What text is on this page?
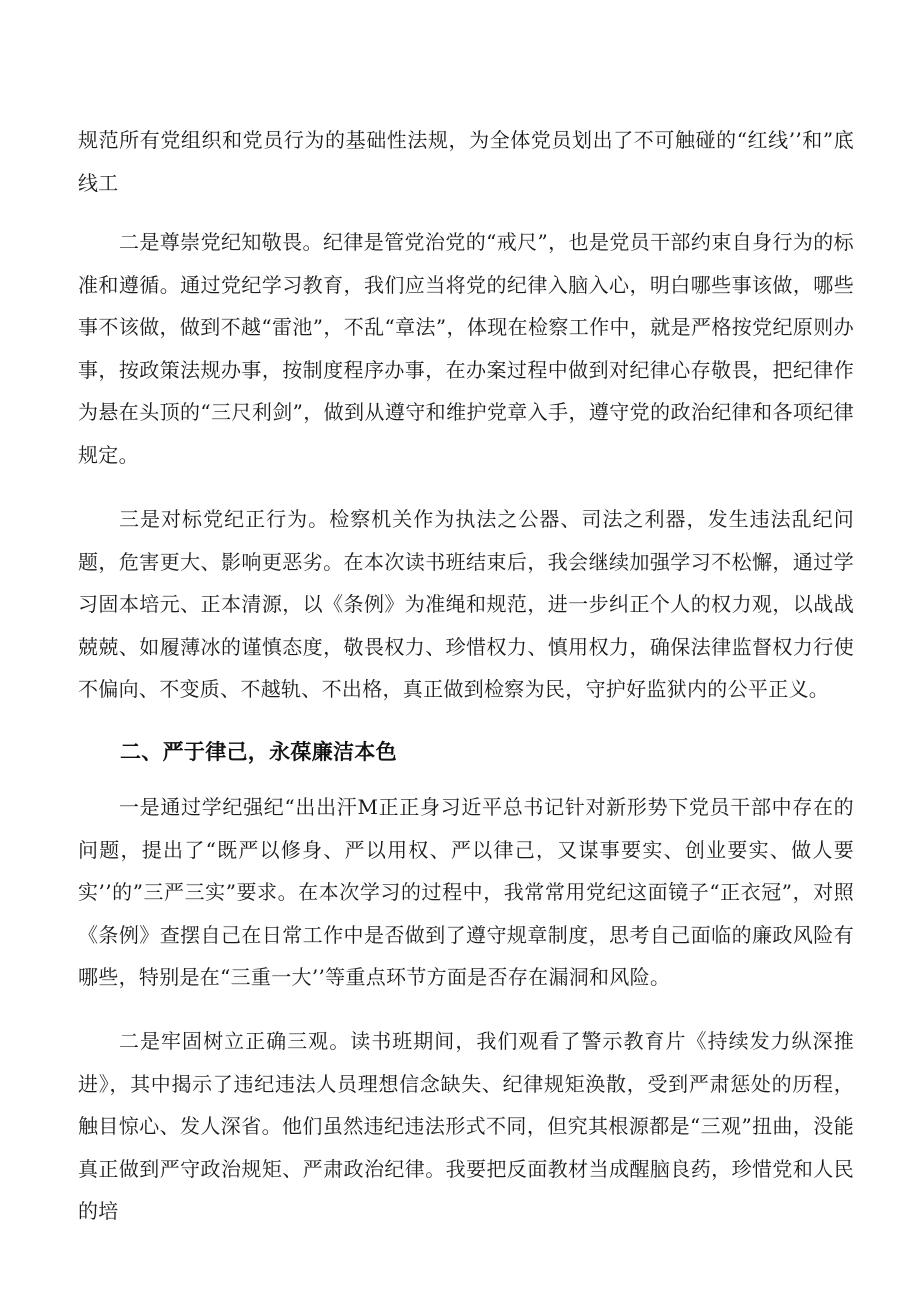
规范所有党组织和党员行为的基础性法规，为全体党员划出了不可触碰的“红线’’和”底线工

二是尊崇党纪知敬畏。纪律是管党治党的“戒尺”，也是党员干部约束自身行为的标准和遵循。通过党纪学习教育，我们应当将党的纪律入脑入心，明白哪些事该做，哪些事不该做，做到不越“雷池”，不乱“章法”，体现在检察工作中，就是严格按党纪原则办事，按政策法规办事，按制度程序办事，在办案过程中做到对纪律心存敬畏，把纪律作为悬在头顶的“三尺利剑”，做到从遵守和维护党章入手，遵守党的政治纪律和各项纪律规定。

三是对标党纪正行为。检察机关作为执法之公器、司法之利器，发生违法乱纪问题，危害更大、影响更恶劣。在本次读书班结束后，我会继续加强学习不松懈，通过学习固本培元、正本清源，以《条例》为准绳和规范，进一步纠正个人的权力观，以战战兢兢、如履薄冰的谨慎态度，敬畏权力、珍惜权力、慎用权力，确保法律监督权力行使不偏向、不变质、不越轨、不出格，真正做到检察为民，守护好监狱内的公平正义。

二、严于律己，永葆廉洁本色

一是通过学纪强纪“出出汗M正正身习近平总书记针对新形势下党员干部中存在的问题，提出了“既严以修身、严以用权、严以律己，又谋事要实、创业要实、做人要实’’的”三严三实”要求。在本次学习的过程中，我常常用党纪这面镜子“正衣冠”，对照《条例》查摆自己在日常工作中是否做到了遵守规章制度，思考自己面临的廉政风险有哪些，特别是在“三重一大’’等重点环节方面是否存在漏洞和风险。

二是牢固树立正确三观。读书班期间，我们观看了警示教育片《持续发力纵深推进》，其中揭示了违纪违法人员理想信念缺失、纪律规矩涣散，受到严肃惩处的历程，触目惊心、发人深省。他们虽然违纪违法形式不同，但究其根源都是“三观”扭曲，没能真正做到严守政治规矩、严肃政治纪律。我要把反面教材当成醒脑良药，珍惜党和人民的培
